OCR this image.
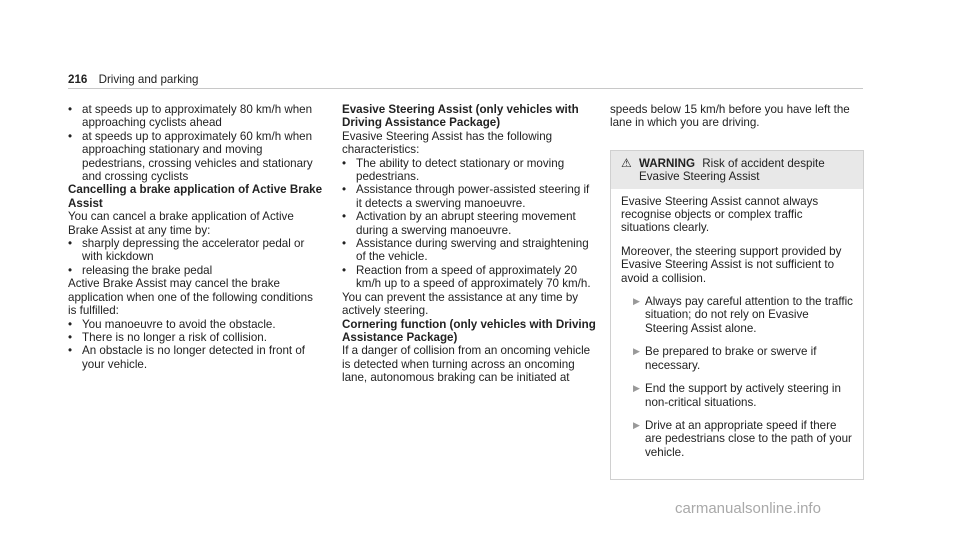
216 Driving and parking
• at speeds up to approximately 80 km/h when approaching cyclists ahead
• at speeds up to approximately 60 km/h when approaching stationary and moving pedestrians, crossing vehicles and stationary and crossing cyclists

Cancelling a brake application of Active Brake Assist

You can cancel a brake application of Active Brake Assist at any time by:

• sharply depressing the accelerator pedal or with kickdown
• releasing the brake pedal

Active Brake Assist may cancel the brake application when one of the following conditions is fulfilled:

• You manoeuvre to avoid the obstacle.
• There is no longer a risk of collision.
• An obstacle is no longer detected in front of your vehicle.

Evasive Steering Assist (only vehicles with Driving Assistance Package)

Evasive Steering Assist has the following characteristics:

• The ability to detect stationary or moving pedestrians.
• Assistance through power-assisted steering if it detects a swerving manoeuvre.
• Activation by an abrupt steering movement during a swerving manoeuvre.
• Assistance during swerving and straightening of the vehicle.
• Reaction from a speed of approximately 20 km/h up to a speed of approximately 70 km/h.

You can prevent the assistance at any time by actively steering.

Cornering function (only vehicles with Driving Assistance Package)

If a danger of collision from an oncoming vehicle is detected when turning across an oncoming lane, autonomous braking can be initiated at

speeds below 15 km/h before you have left the lane in which you are driving.

⚠ WARNING Risk of accident despite Evasive Steering Assist

Evasive Steering Assist cannot always recognise objects or complex traffic situations clearly.

Moreover, the steering support provided by Evasive Steering Assist is not sufficient to avoid a collision.

▶ Always pay careful attention to the traffic situation; do not rely on Evasive Steering Assist alone.
▶ Be prepared to brake or swerve if necessary.
▶ End the support by actively steering in non-critical situations.
▶ Drive at an appropriate speed if there are pedestrians close to the path of your vehicle.
carmanualsonline.info
